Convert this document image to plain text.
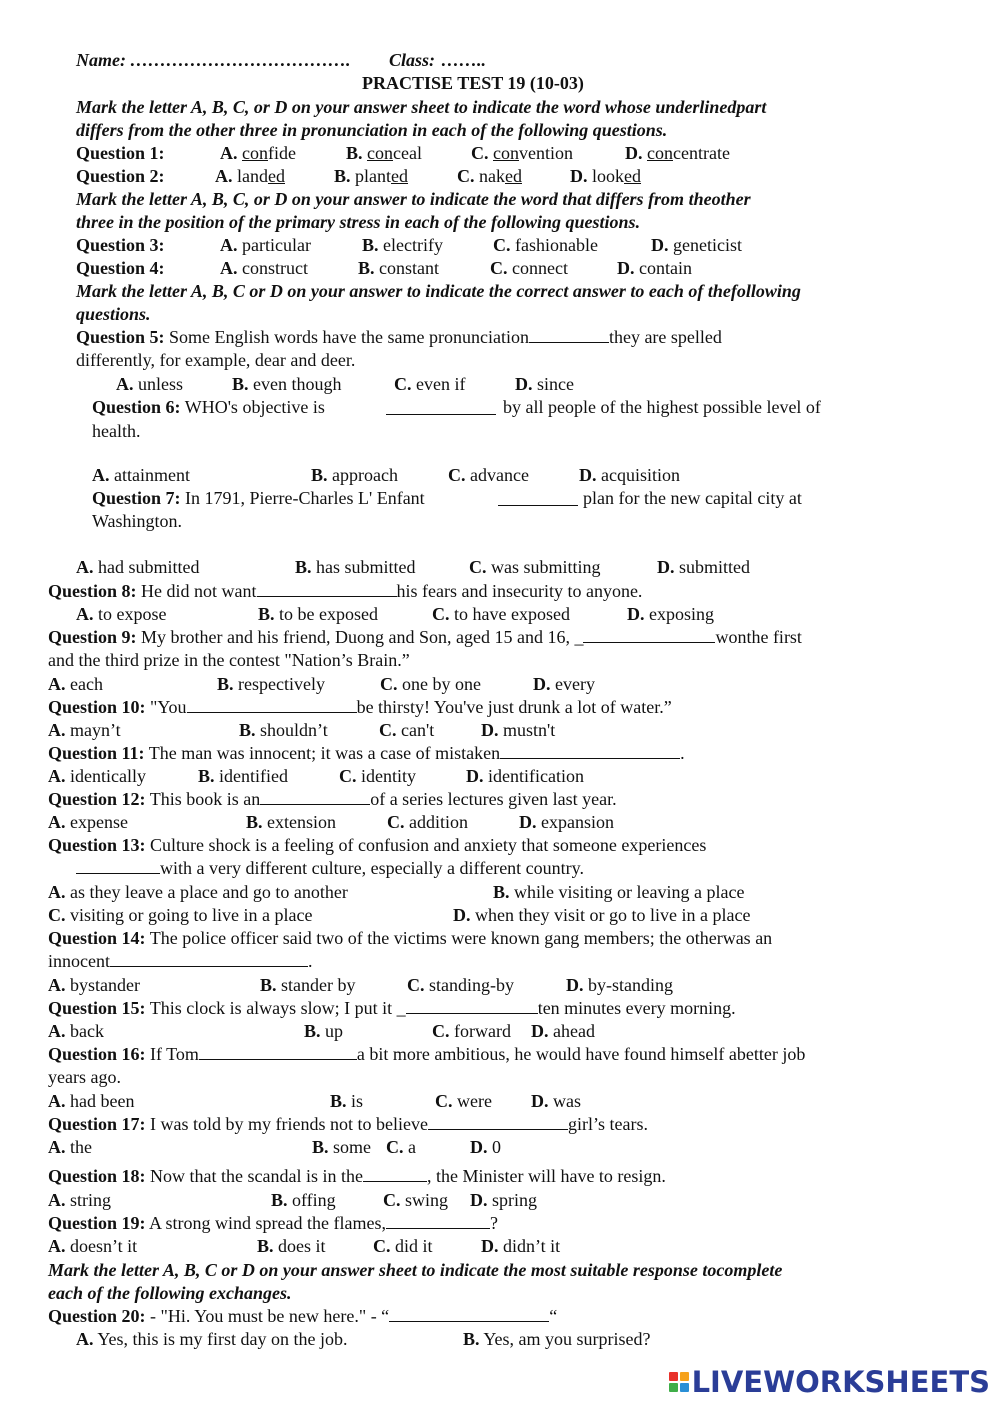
Name: ………………………………. Class: ……..
PRACTISE TEST 19 (10-03)
Mark the letter A, B, C, or D on your answer sheet to indicate the word whose underlinedpart
differs from the other three in pronunciation in each of the following questions.
Question 1:	A. confide	B. conceal	C. convention	D. concentrate
Question 2:	A. landed	B. planted	C. naked	D. looked
Mark the letter A, B, C, or D on your answer to indicate the word that differs from theother
three in the position of the primary stress in each of the following questions.
Question 3:	A. particular	B. electrify	C. fashionable	D. geneticist
Question 4:	A. construct	B. constant	C. connect	D. contain
Mark the letter A, B, C or D on your answer to indicate the correct answer to each of thefollowing
questions.
Question 5: Some English words have the same pronunciation	they are spelled
differently, for example, dear and deer.
A. unless	B. even though	C. even if	D. since
Question 6: WHO's objective is	by all people of the highest possible level of
health.
A. attainment	B. approach	C. advance	D. acquisition
Question 7: In 1791, Pierre-Charles L' Enfant	plan for the new capital city at
Washington.
A. had submitted	B. has submitted	C. was submitting	D. submitted
Question 8: He did not want	his fears and insecurity to anyone.
A. to expose	B. to be exposed	C. to have exposed	D. exposing
Question 9: My brother and his friend, Duong and Son, aged 15 and 16, _	wonthe first
and the third prize in the contest "Nation’s Brain.”
A. each	B. respectively	C. one by one	D. every
Question 10: "You	be thirsty! You've just drunk a lot of water.”
A. mayn’t	B. shouldn’t	C. can't	D. mustn't
Question 11: The man was innocent; it was a case of mistaken	.
A. identically	B. identified	C. identity	D. identification
Question 12: This book is an	of a series lectures given last year.
A. expense	B. extension	C. addition	D. expansion
Question 13: Culture shock is a feeling of confusion and anxiety that someone experiences
with a very different culture, especially a different country.
A. as they leave a place and go to another	B. while visiting or leaving a place
C. visiting or going to live in a place	D. when they visit or go to live in a place
Question 14: The police officer said two of the victims were known gang members; the otherwas an
innocent	.
A. bystander	B. stander by	C. standing-by	D. by-standing
Question 15: This clock is always slow; I put it _	ten minutes every morning.
A. back	B. up	C. forward D. ahead
Question 16: If Tom	a bit more ambitious, he would have found himself abetter job
years ago.
A. had been	B. is	C. were D. was
Question 17: I was told by my friends not to believe	girl’s tears.
A. the	B. some C. a	D. 0
Question 18: Now that the scandal is in the	, the Minister will have to resign.
A. string	B. offing	C. swing D. spring
Question 19: A strong wind spread the flames,	?
A. doesn’t it	B. does it	C. did it	D. didn’t it
Mark the letter A, B, C or D on your answer sheet to indicate the most suitable response tocomplete
each of the following exchanges.
Question 20: - "Hi. You must be new here." - “	“
A. Yes, this is my first day on the job.	B. Yes, am you surprised?
LIVEWORKSHEETS
